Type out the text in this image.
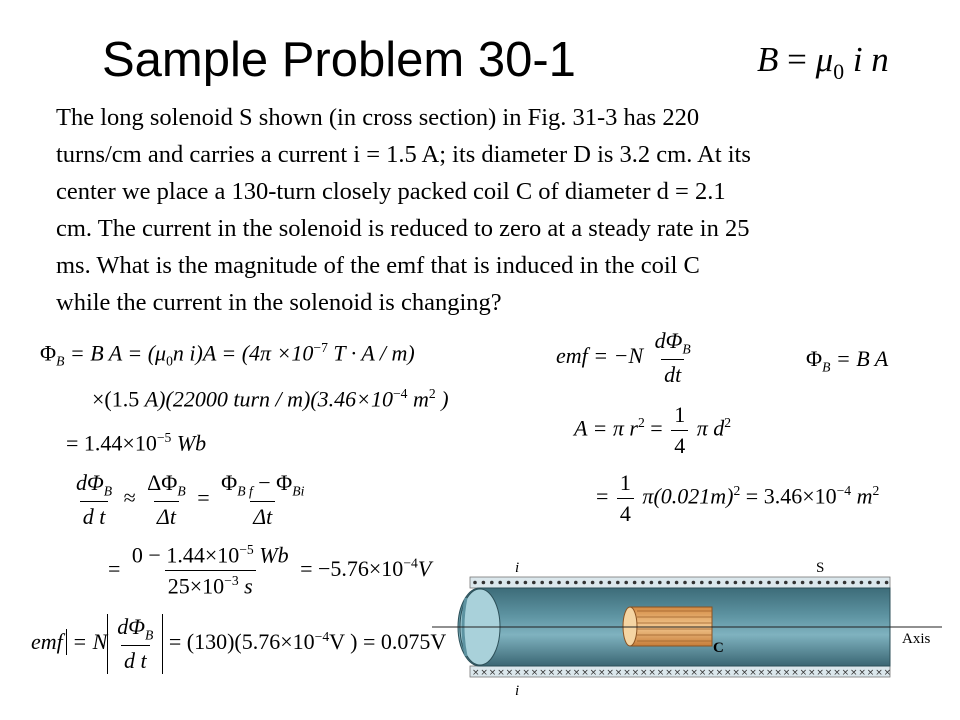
Sample Problem 30-1	$B = \mu_0$ i n
The long solenoid S shown (in cross section) in Fig. 31-3 has 220
turns/cm and carries a current i = 1.5 A; its diameter D is 3.2 cm. At its
center we place a 130-turn closely packed coil C of diameter d = 2.1
cm. The current in the solenoid is reduced to zero at a steady rate in 25
ms. What is the magnitude of the emf that is induced in the coil C
while the current in the solenoid is changing?
$\Phi_B = B$ $A = (\mu_0n$ $i)A = (4\pi \times 10^{-7}$ T · A / m)
×(1.5 A)(22000 turn / $m)(3.46\times 10^{-4}$ $m^2$ )
= $1.44\times 10^{-5}$ Wb
$\frac{d\Phi_B}{\text{d t}} \approx \frac{\Delta\Phi_B}{\Delta t} = \frac{\Phi_{B f} - \Phi_{Bi}}{\Delta t}$
= $\frac{0 - 1.44\times 10^{-5} Wb}{25\times 10^{-3} s} = -5.76\times 10^{-4}V$
emf = N $\frac{d\Phi_B}{\text{d t}} = (130)(5.76\times 10^{-4}V$ ) = 0.075V
emf = $-N \frac{d\Phi_B}{dt}$	$\Phi_B = B$ A
A = π $r^2 = \frac{1}{4}$ π $d^2$
= $\frac{1}{4} \pi(0.021m)^2 = 3.46\times 10^{-4}$ $m^2$
× × × × × × × × × × × × × × × × × × × × × × × × × × × × × × × × × × × × × × × × × × × × × × × × × ×
i
i
S
C
Axis
